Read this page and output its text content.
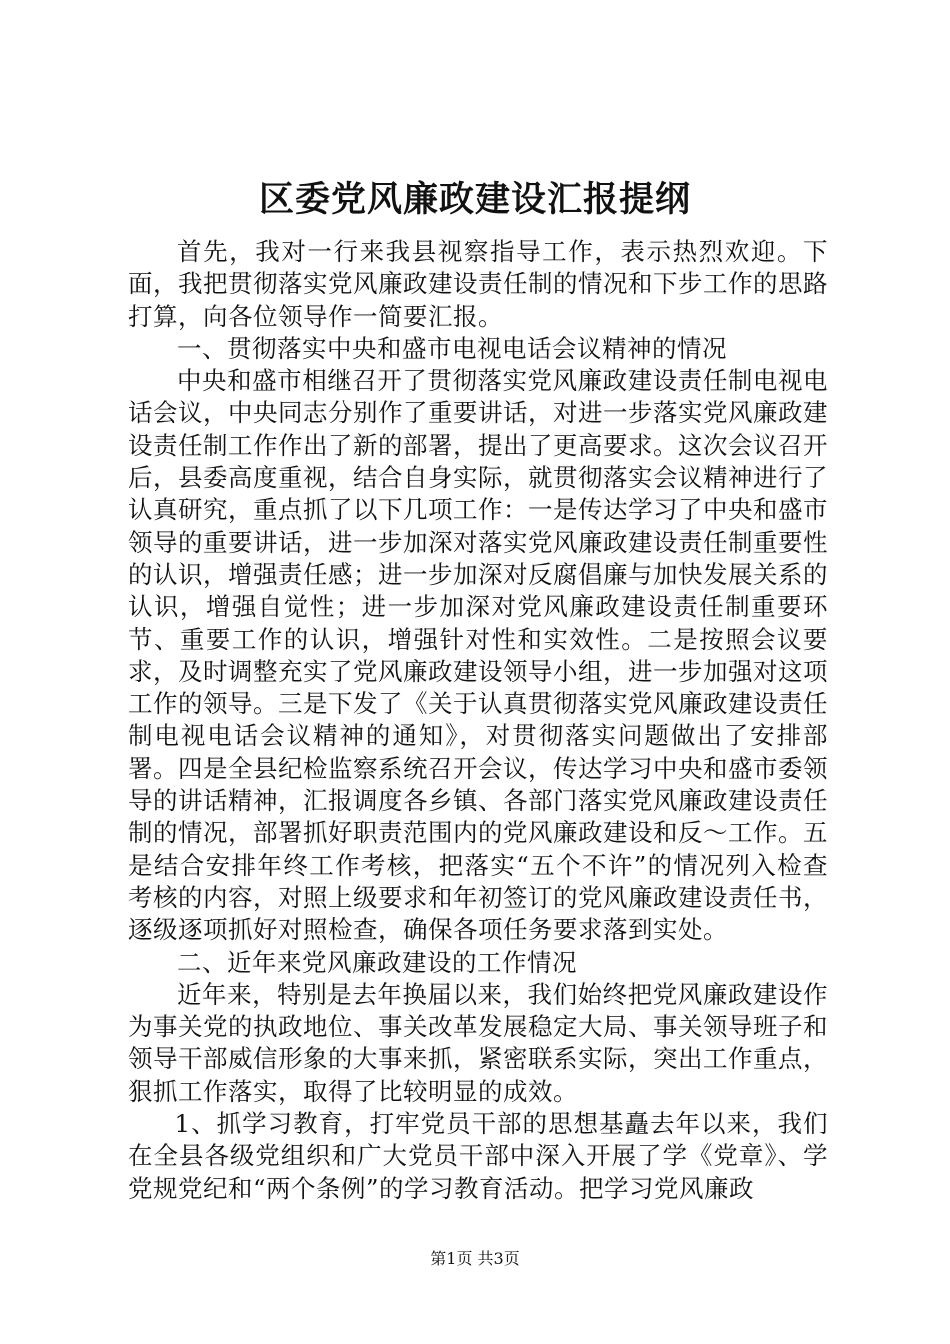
区委党风廉政建设汇报提纲

首先，我对一行来我县视察指导工作，表示热烈欢迎。下面，我把贯彻落实党风廉政建设责任制的情况和下步工作的思路打算，向各位领导作一简要汇报。

一、贯彻落实中央和盛市电视电话会议精神的情况

中央和盛市相继召开了贯彻落实党风廉政建设责任制电视电话会议，中央同志分别作了重要讲话，对进一步落实党风廉政建设责任制工作作出了新的部署，提出了更高要求。这次会议召开后，县委高度重视，结合自身实际，就贯彻落实会议精神进行了认真研究，重点抓了以下几项工作：一是传达学习了中央和盛市领导的重要讲话，进一步加深对落实党风廉政建设责任制重要性的认识，增强责任感；进一步加深对反腐倡廉与加快发展关系的认识，增强自觉性；进一步加深对党风廉政建设责任制重要环节、重要工作的认识，增强针对性和实效性。二是按照会议要求，及时调整充实了党风廉政建设领导小组，进一步加强对这项工作的领导。三是下发了《关于认真贯彻落实党风廉政建设责任制电视电话会议精神的通知》，对贯彻落实问题做出了安排部署。四是全县纪检监察系统召开会议，传达学习中央和盛市委领导的讲话精神，汇报调度各乡镇、各部门落实党风廉政建设责任制的情况，部署抓好职责范围内的党风廉政建设和反～工作。五是结合安排年终工作考核，把落实“五个不许”的情况列入检查考核的内容，对照上级要求和年初签订的党风廉政建设责任书，逐级逐项抓好对照检查，确保各项任务要求落到实处。

二、近年来党风廉政建设的工作情况

近年来，特别是去年换届以来，我们始终把党风廉政建设作为事关党的执政地位、事关改革发展稳定大局、事关领导班子和领导干部威信形象的大事来抓，紧密联系实际，突出工作重点，狠抓工作落实，取得了比较明显的成效。

1、抓学习教育，打牢党员干部的思想基矗去年以来，我们在全县各级党组织和广大党员干部中深入开展了学《党章》、学党规党纪和“两个条例”的学习教育活动。把学习党风廉政

第1页 共3页
